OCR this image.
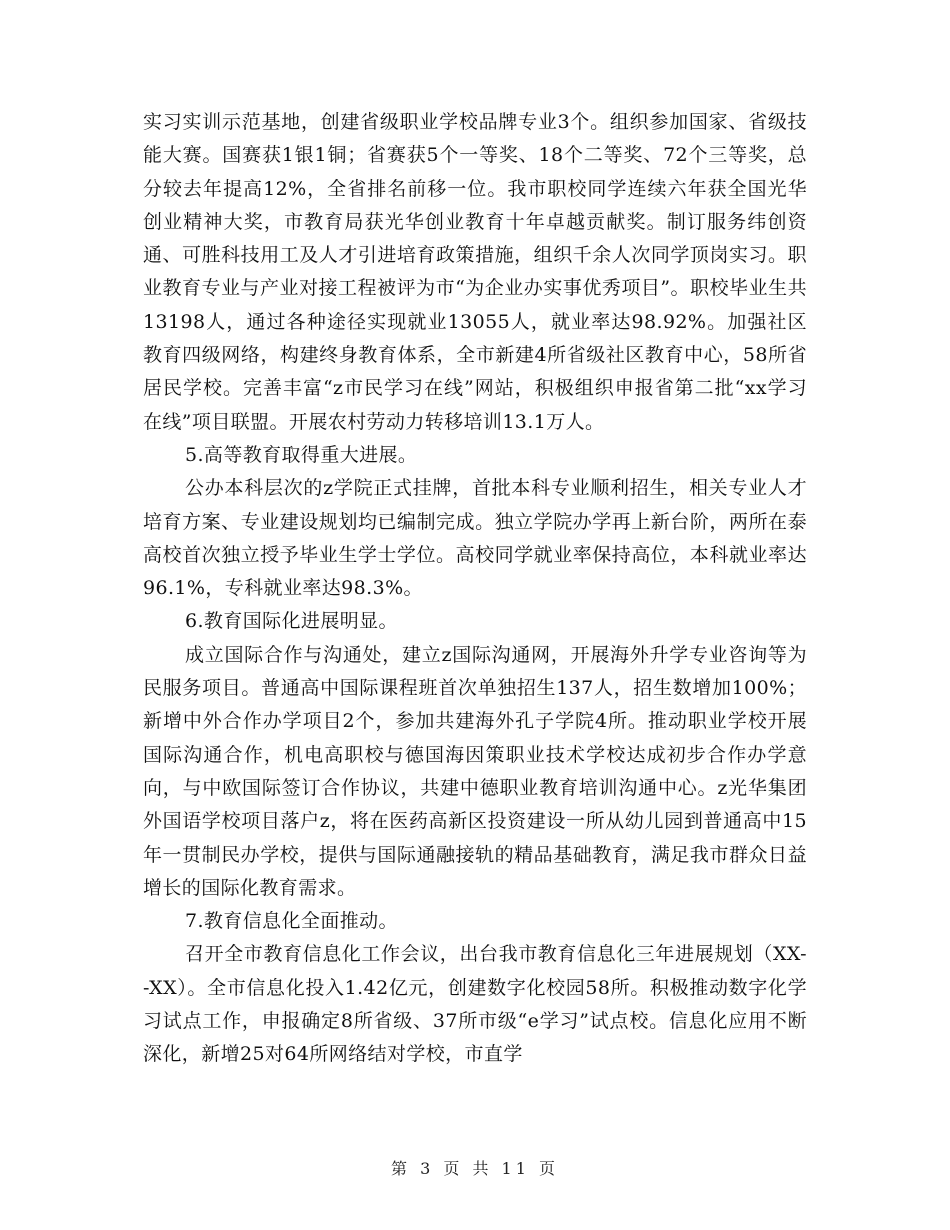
实习实训示范基地，创建省级职业学校品牌专业3个。组织参加国家、省级技能大赛。国赛获1银1铜；省赛获5个一等奖、18个二等奖、72个三等奖，总分较去年提高12%，全省排名前移一位。我市职校同学连续六年获全国光华创业精神大奖，市教育局获光华创业教育十年卓越贡献奖。制订服务纬创资通、可胜科技用工及人才引进培育政策措施，组织千余人次同学顶岗实习。职业教育专业与产业对接工程被评为市“为企业办实事优秀项目”。职校毕业生共13198人，通过各种途径实现就业13055人，就业率达98.92%。加强社区教育四级网络，构建终身教育体系，全市新建4所省级社区教育中心，58所省居民学校。完善丰富“z市民学习在线”网站，积极组织申报省第二批“xx学习在线”项目联盟。开展农村劳动力转移培训13.1万人。

5.高等教育取得重大进展。

公办本科层次的z学院正式挂牌，首批本科专业顺利招生，相关专业人才培育方案、专业建设规划均已编制完成。独立学院办学再上新台阶，两所在泰高校首次独立授予毕业生学士学位。高校同学就业率保持高位，本科就业率达96.1%，专科就业率达98.3%。

6.教育国际化进展明显。

成立国际合作与沟通处，建立z国际沟通网，开展海外升学专业咨询等为民服务项目。普通高中国际课程班首次单独招生137人，招生数增加100%；新增中外合作办学项目2个，参加共建海外孔子学院4所。推动职业学校开展国际沟通合作，机电高职校与德国海因策职业技术学校达成初步合作办学意向，与中欧国际签订合作协议，共建中德职业教育培训沟通中心。z光华集团外国语学校项目落户z，将在医药高新区投资建设一所从幼儿园到普通高中15年一贯制民办学校，提供与国际通融接轨的精品基础教育，满足我市群众日益增长的国际化教育需求。

7.教育信息化全面推动。

召开全市教育信息化工作会议，出台我市教育信息化三年进展规划（XX--XX）。全市信息化投入1.42亿元，创建数字化校园58所。积极推动数字化学习试点工作，申报确定8所省级、37所市级“e学习”试点校。信息化应用不断深化，新增25对64所网络结对学校，市直学

第 3 页 共 11 页
